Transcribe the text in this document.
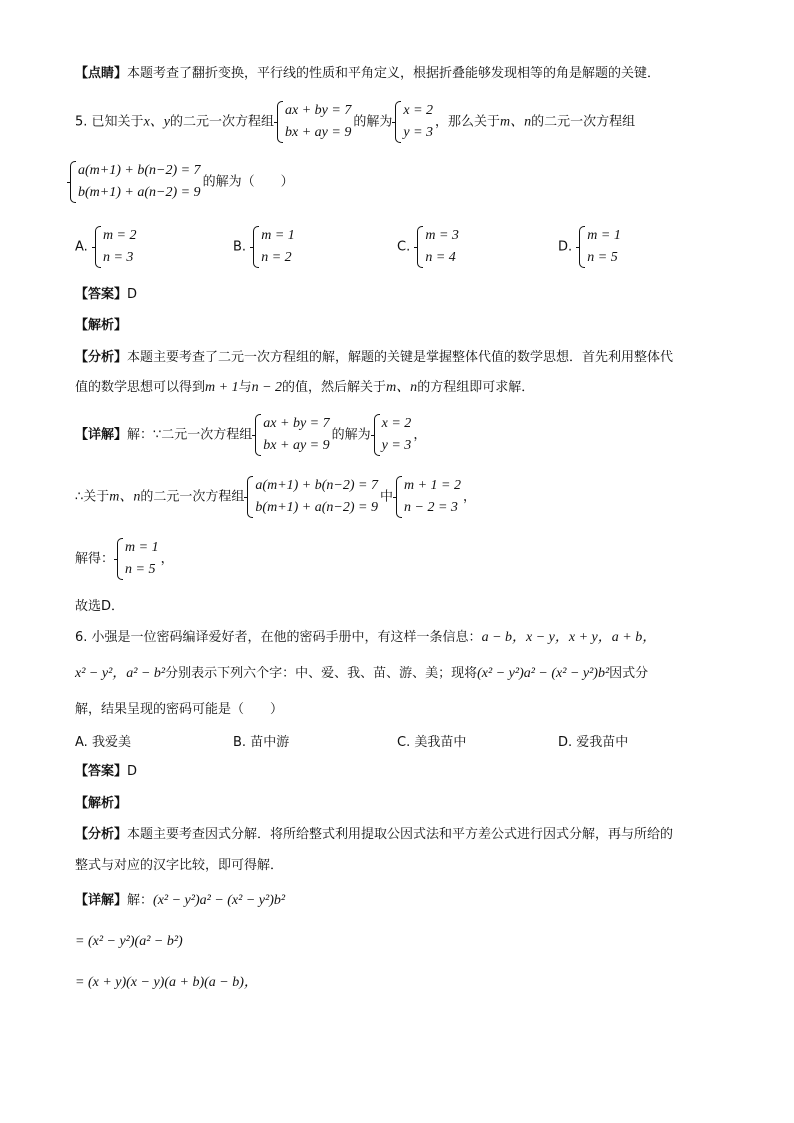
【点睛】本题考查了翻折变换，平行线的性质和平角定义，根据折叠能够发现相等的角是解题的关键．
5. 已知关于x、y的二元一次方程组
ax + by = 7
bx + ay = 9
的解为
x = 2
y = 3
，那么关于m、n的二元一次方程组
a(m+1) + b(n−2) = 7
b(m+1) + a(n−2) = 9
的解为（　　）
A.
m = 2
n = 3
B.
m = 1
n = 2
C.
m = 3
n = 4
D.
m = 1
n = 5
【答案】D
【解析】
【分析】本题主要考查了二元一次方程组的解，解题的关键是掌握整体代值的数学思想．首先利用整体代
值的数学思想可以得到m + 1与n − 2的值，然后解关于m、n的方程组即可求解．
【详解】解：∵二元一次方程组
ax + by = 7
bx + ay = 9
的解为
x = 2
y = 3
，
∴关于m、n的二元一次方程组
a(m+1) + b(n−2) = 7
b(m+1) + a(n−2) = 9
中
m + 1 = 2
n − 2 = 3
，
解得：
m = 1
n = 5
，
故选D．
6. 小强是一位密码编译爱好者，在他的密码手册中，有这样一条信息：a − b，x − y，x + y，a + b，
x² − y²，a² − b²分别表示下列六个字：中、爱、我、苗、游、美；现将(x² − y²)a² − (x² − y²)b²因式分
解，结果呈现的密码可能是（　　）
A. 我爱美	B. 苗中游	C. 美我苗中	D. 爱我苗中
【答案】D
【解析】
【分析】本题主要考查因式分解．将所给整式利用提取公因式法和平方差公式进行因式分解，再与所给的
整式与对应的汉字比较，即可得解．
【详解】解：(x² − y²)a² − (x² − y²)b²
= (x² − y²)(a² − b²)
= (x + y)(x − y)(a + b)(a − b)，
